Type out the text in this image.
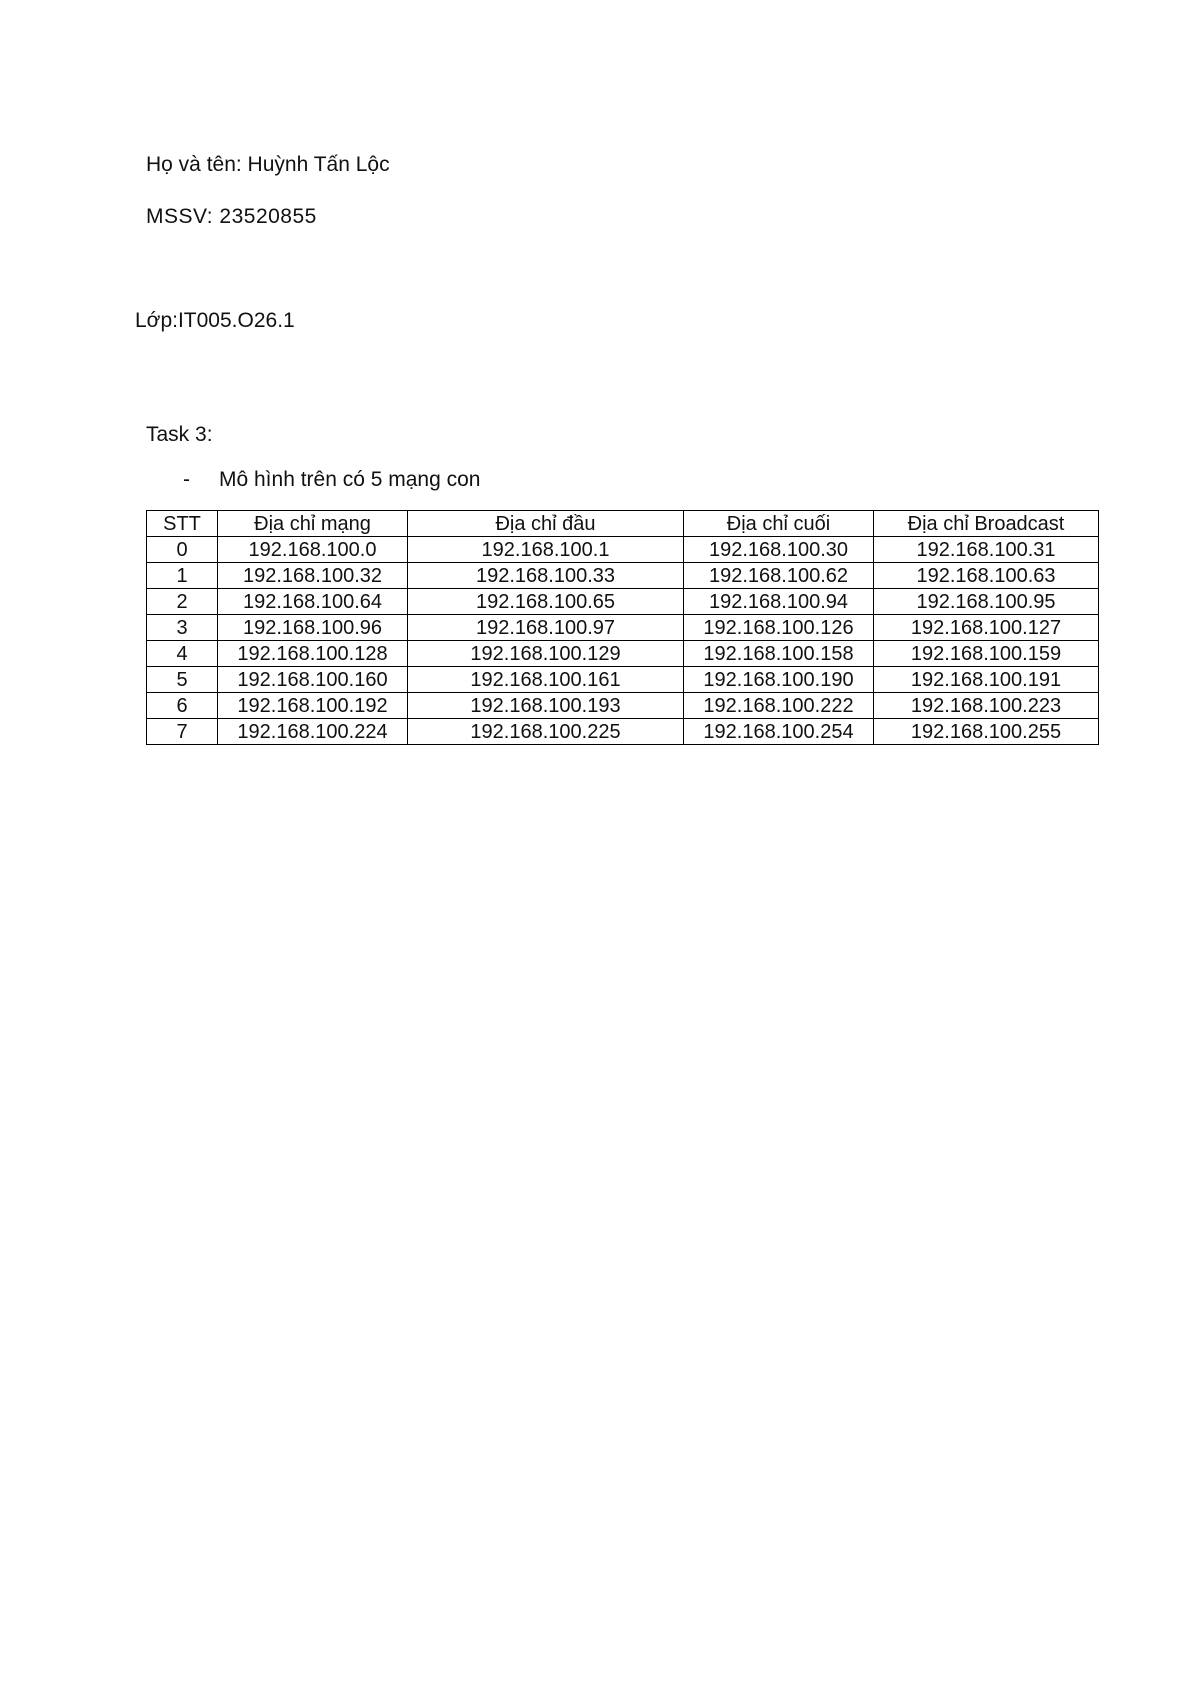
Họ và tên: Huỳnh Tấn Lộc
MSSV: 23520855
Lớp:IT005.O26.1
Task 3:
- Mô hình trên có 5 mạng con
STT	Địa chỉ mạng	Địa chỉ đầu	Địa chỉ cuối	Địa chỉ Broadcast
0	192.168.100.0	192.168.100.1	192.168.100.30	192.168.100.31
1	192.168.100.32	192.168.100.33	192.168.100.62	192.168.100.63
2	192.168.100.64	192.168.100.65	192.168.100.94	192.168.100.95
3	192.168.100.96	192.168.100.97	192.168.100.126	192.168.100.127
4	192.168.100.128	192.168.100.129	192.168.100.158	192.168.100.159
5	192.168.100.160	192.168.100.161	192.168.100.190	192.168.100.191
6	192.168.100.192	192.168.100.193	192.168.100.222	192.168.100.223
7	192.168.100.224	192.168.100.225	192.168.100.254	192.168.100.255
